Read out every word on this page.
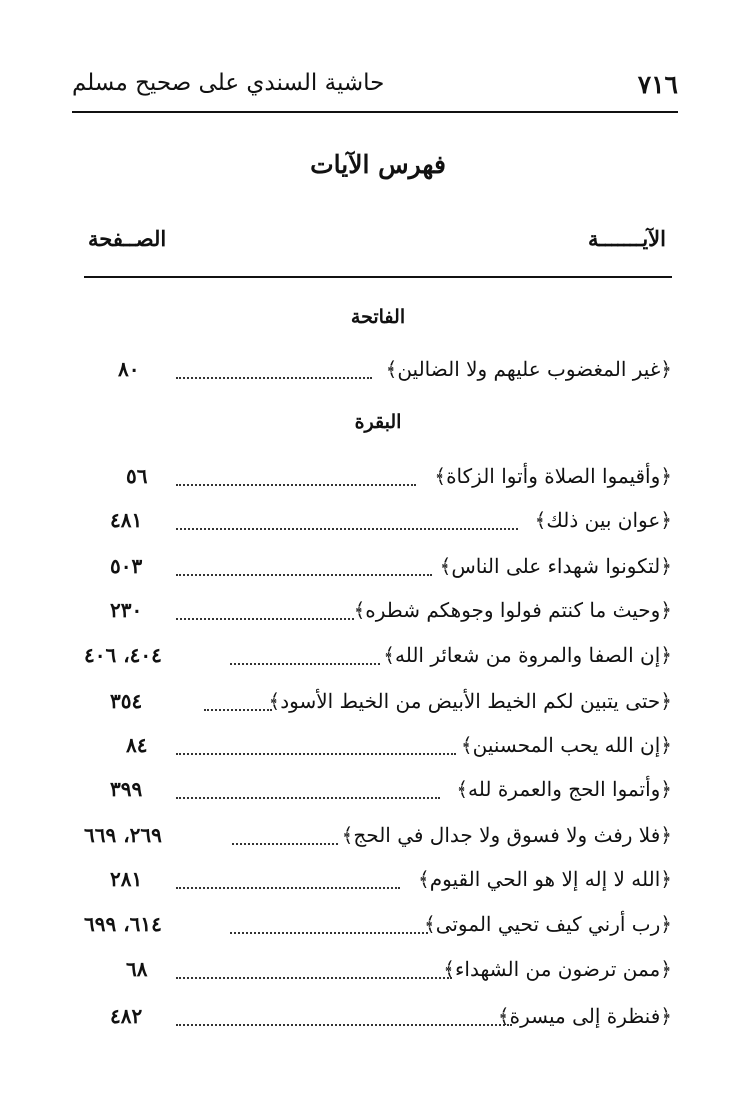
٧١٦
حاشية السندي على صحيح مسلم
فهرس الآيات
الآيـــــــة
الصــفحة
الفاتحة
﴿غير المغضوب عليهم ولا الضالين﴾
٨٠
البقرة
﴿وأقيموا الصلاة وأتوا الزكاة﴾
٥٦
﴿عوان بين ذلك﴾
٤٨١
﴿لتكونوا شهداء على الناس﴾
٥٠٣
﴿وحيث ما كنتم فولوا وجوهكم شطره﴾
٢٣٠
﴿إن الصفا والمروة من شعائر الله﴾
٤٠٤، ٤٠٦
﴿حتى يتبين لكم الخيط الأبيض من الخيط الأسود﴾
٣٥٤
﴿إن الله يحب المحسنين﴾
٨٤
﴿وأتموا الحج والعمرة لله﴾
٣٩٩
﴿فلا رفث ولا فسوق ولا جدال في الحج﴾
٢٦٩، ٦٦٩
﴿الله لا إله إلا هو الحي القيوم﴾
٢٨١
﴿رب أرني كيف تحيي الموتى﴾
٦١٤، ٦٩٩
﴿ممن ترضون من الشهداء﴾
٦٨
﴿فنظرة إلى ميسرة﴾
٤٨٢
